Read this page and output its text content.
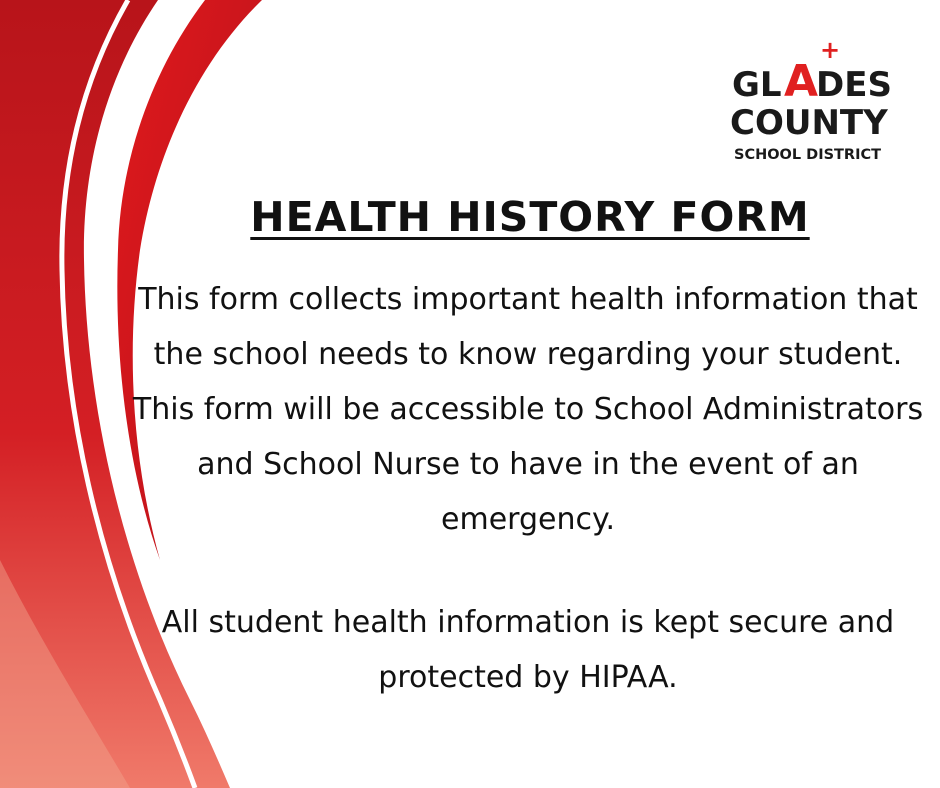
GL A
+
DES
COUNTY
SCHOOL DISTRICT
HEALTH HISTORY FORM
This form collects important health information that the school needs to know regarding your student. This form will be accessible to School Administrators and School Nurse to have in the event of an emergency.
All student health information is kept secure and protected by HIPAA.
